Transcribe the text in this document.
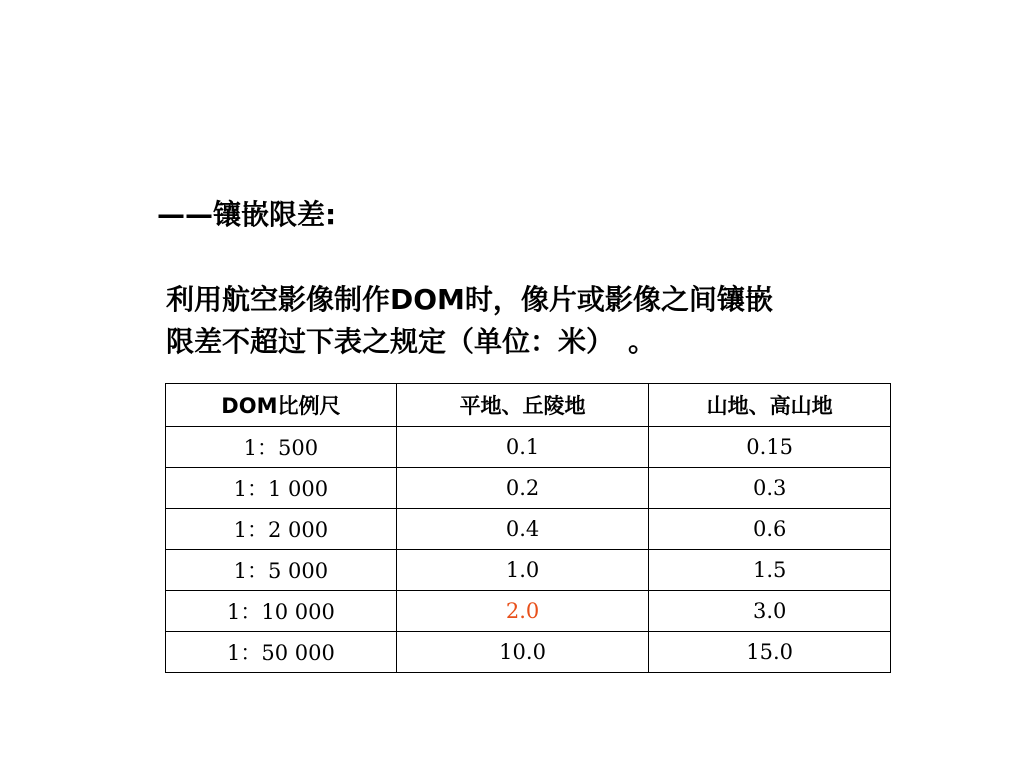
——镶嵌限差:
利用航空影像制作DOM时，像片或影像之间镶嵌
限差不超过下表之规定（单位：米）　。
DOM比例尺	平地、丘陵地	山地、高山地
1：500	0.1	0.15
1：1 000	0.2	0.3
1：2 000	0.4	0.6
1：5 000	1.0	1.5
1：10 000	2.0	3.0
1：50 000	10.0	15.0
